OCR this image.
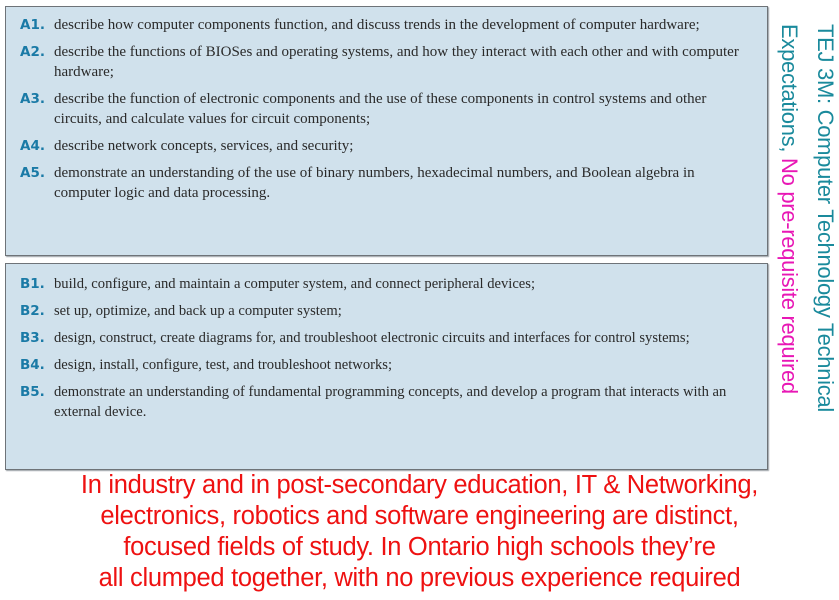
A1. describe how computer components function, and discuss trends in the development of computer hardware;
A2. describe the functions of BIOSes and operating systems, and how they interact with each other and with computer hardware;
A3. describe the function of electronic components and the use of these components in control systems and other circuits, and calculate values for circuit components;
A4. describe network concepts, services, and security;
A5. demonstrate an understanding of the use of binary numbers, hexadecimal numbers, and Boolean algebra in computer logic and data processing.
B1. build, configure, and maintain a computer system, and connect peripheral devices;
B2. set up, optimize, and back up a computer system;
B3. design, construct, create diagrams for, and troubleshoot electronic circuits and interfaces for control systems;
B4. design, install, configure, test, and troubleshoot networks;
B5. demonstrate an understanding of fundamental programming concepts, and develop a program that interacts with an external device.
TEJ 3M: Computer Technology Technical
Expectations, No pre-requisite required
In industry and in post-secondary education, IT & Networking,
electronics, robotics and software engineering are distinct,
focused fields of study. In Ontario high schools they’re
all clumped together, with no previous experience required
